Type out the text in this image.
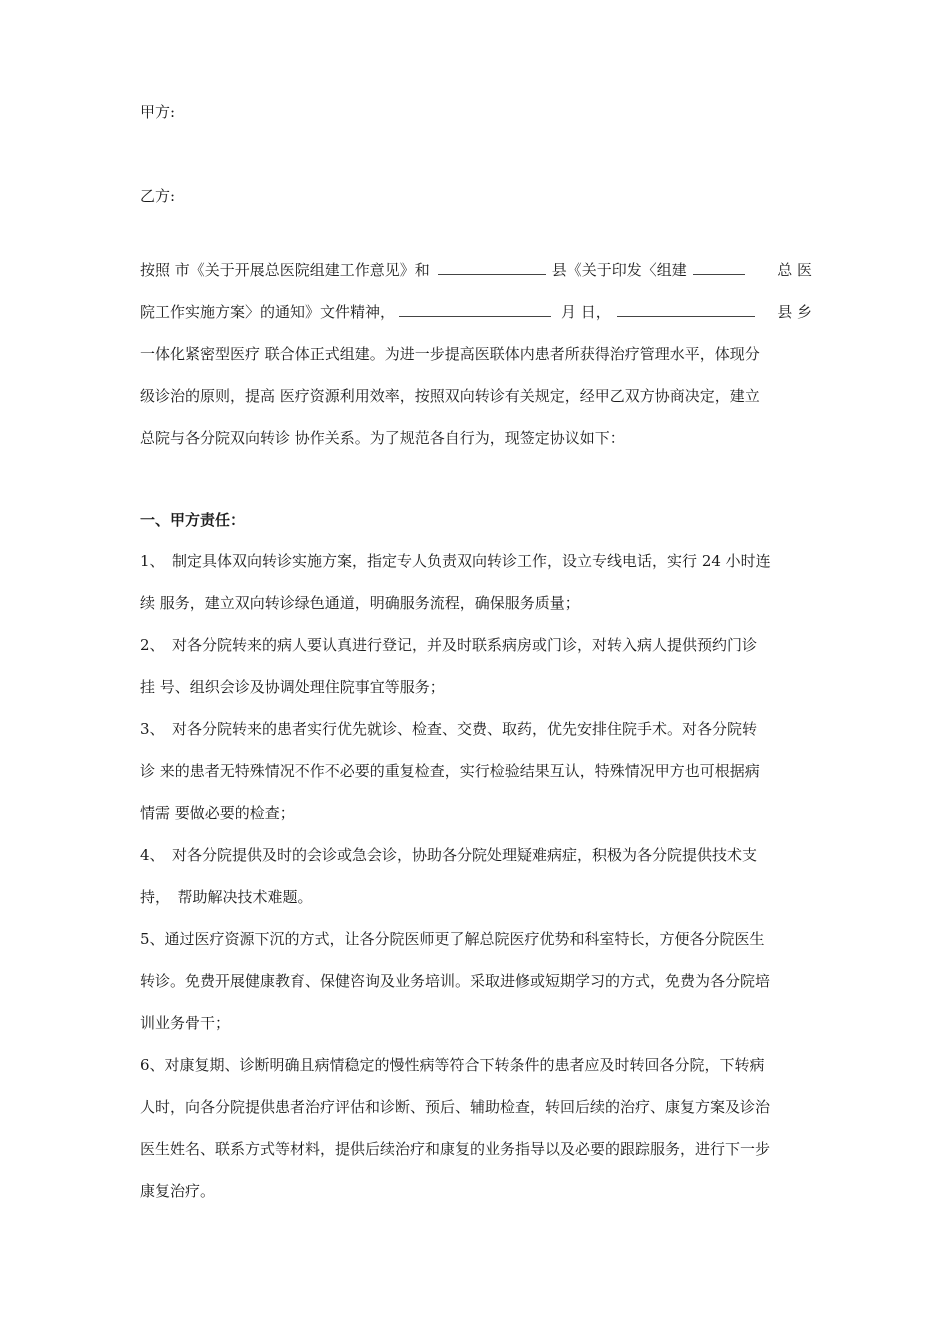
甲方:
乙方:
按照 市《关于开展总医院组建工作意见》和	县《关于印发〈组建	总 医
院工作实施方案〉的通知》文件精神，	月 日，	县 乡
一体化紧密型医疗 联合体正式组建。为进一步提高医联体内患者所获得治疗管理水平，体现分
级诊治的原则，提高 医疗资源利用效率，按照双向转诊有关规定，经甲乙双方协商决定，建立
总院与各分院双向转诊 协作关系。为了规范各自行为，现签定协议如下：
一、甲方责任：
1、　制定具体双向转诊实施方案，指定专人负责双向转诊工作，设立专线电话，实行 24 小时连
续 服务，建立双向转诊绿色通道，明确服务流程，确保服务质量；
2、　对各分院转来的病人要认真进行登记，并及时联系病房或门诊，对转入病人提供预约门诊
挂 号、组织会诊及协调处理住院事宜等服务；
3、　对各分院转来的患者实行优先就诊、检查、交费、取药，优先安排住院手术。对各分院转
诊 来的患者无特殊情况不作不必要的重复检查，实行检验结果互认，特殊情况甲方也可根据病
情需 要做必要的检查；
4、　对各分院提供及时的会诊或急会诊，协助各分院处理疑难病症，积极为各分院提供技术支
持，　帮助解决技术难题。
5、通过医疗资源下沉的方式，让各分院医师更了解总院医疗优势和科室特长，方便各分院医生
转诊。免费开展健康教育、保健咨询及业务培训。采取进修或短期学习的方式，免费为各分院培
训业务骨干；
6、对康复期、诊断明确且病情稳定的慢性病等符合下转条件的患者应及时转回各分院，下转病
人时，向各分院提供患者治疗评估和诊断、预后、辅助检查，转回后续的治疗、康复方案及诊治
医生姓名、联系方式等材料，提供后续治疗和康复的业务指导以及必要的跟踪服务，进行下一步
康复治疗。
